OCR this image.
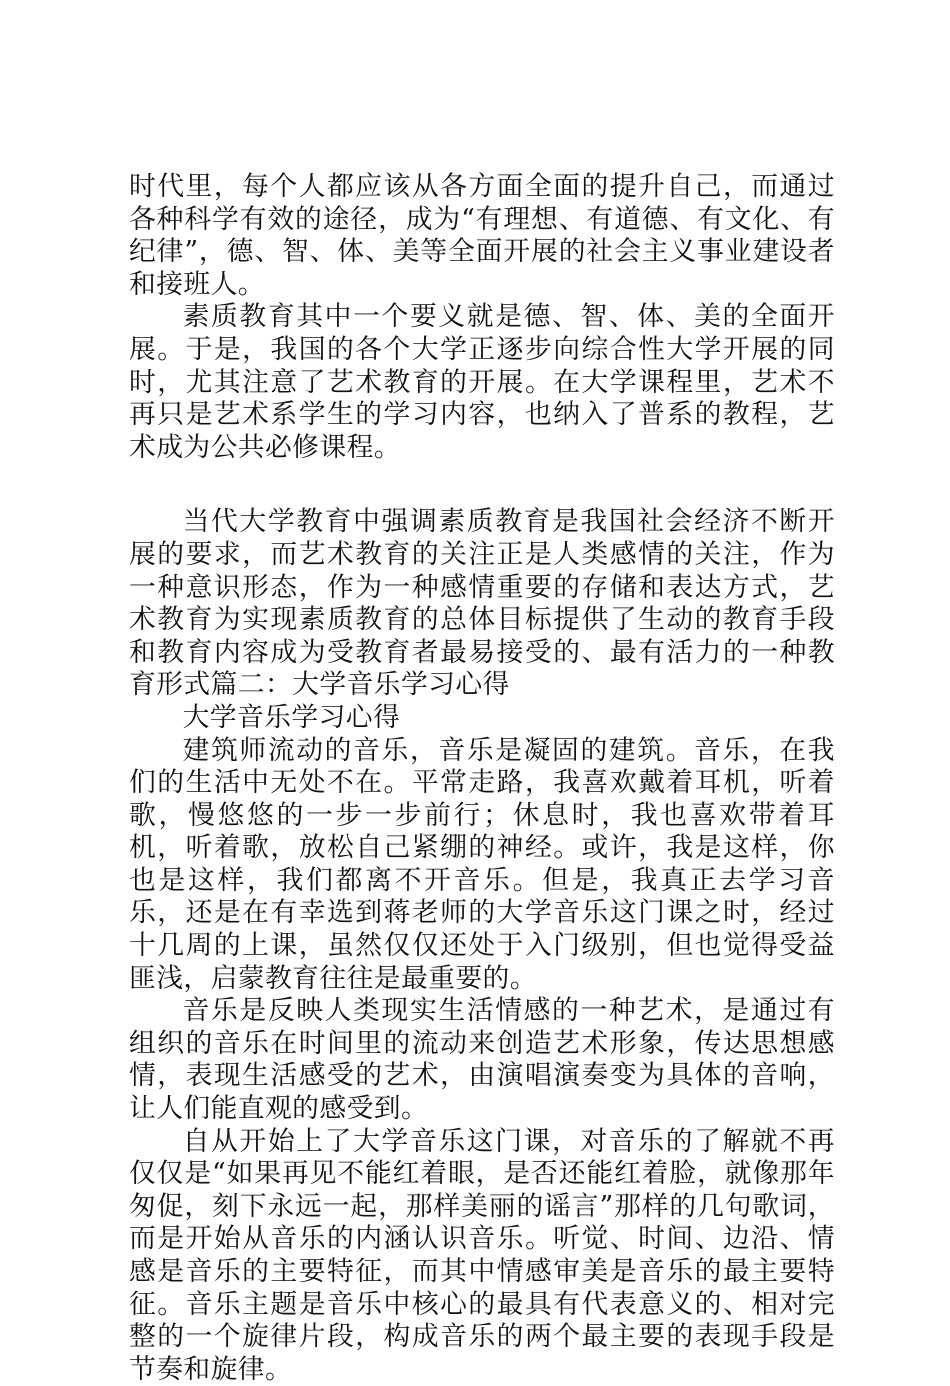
时代里，每个人都应该从各方面全面的提升自己，而通过各种科学有效的途径，成为“有理想、有道德、有文化、有纪律”，德、智、体、美等全面开展的社会主义事业建设者和接班人。

素质教育其中一个要义就是德、智、体、美的全面开展。于是，我国的各个大学正逐步向综合性大学开展的同时，尤其注意了艺术教育的开展。在大学课程里，艺术不再只是艺术系学生的学习内容，也纳入了普系的教程，艺术成为公共必修课程。

当代大学教育中强调素质教育是我国社会经济不断开展的要求，而艺术教育的关注正是人类感情的关注，作为一种意识形态，作为一种感情重要的存储和表达方式，艺术教育为实现素质教育的总体目标提供了生动的教育手段和教育内容成为受教育者最易接受的、最有活力的一种教育形式篇二：大学音乐学习心得

大学音乐学习心得

建筑师流动的音乐，音乐是凝固的建筑。音乐，在我们的生活中无处不在。平常走路，我喜欢戴着耳机，听着歌，慢悠悠的一步一步前行；休息时，我也喜欢带着耳机，听着歌，放松自己紧绷的神经。或许，我是这样，你也是这样，我们都离不开音乐。但是，我真正去学习音乐，还是在有幸选到蒋老师的大学音乐这门课之时，经过十几周的上课，虽然仅仅还处于入门级别，但也觉得受益匪浅，启蒙教育往往是最重要的。

音乐是反映人类现实生活情感的一种艺术，是通过有组织的音乐在时间里的流动来创造艺术形象，传达思想感情，表现生活感受的艺术，由演唱演奏变为具体的音响，让人们能直观的感受到。

自从开始上了大学音乐这门课，对音乐的了解就不再仅仅是“如果再见不能红着眼，是否还能红着脸，就像那年匆促，刻下永远一起，那样美丽的谣言”那样的几句歌词，而是开始从音乐的内涵认识音乐。听觉、时间、边沿、情感是音乐的主要特征，而其中情感审美是音乐的最主要特征。音乐主题是音乐中核心的最具有代表意义的、相对完整的一个旋律片段，构成音乐的两个最主要的表现手段是节奏和旋律。
